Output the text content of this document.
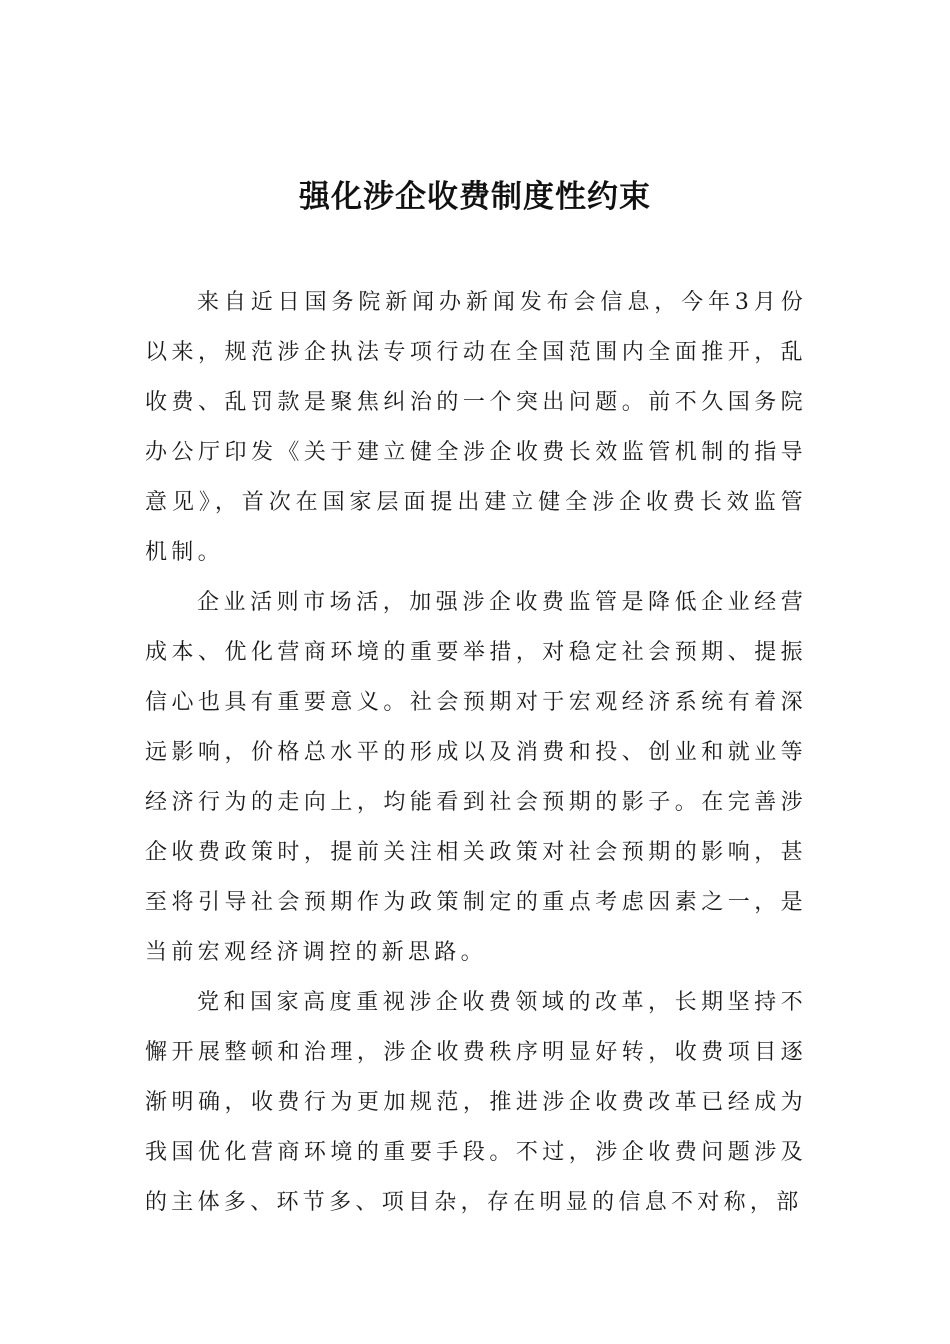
强化涉企收费制度性约束

来自近日国务院新闻办新闻发布会信息，今年3月份以来，规范涉企执法专项行动在全国范围内全面推开，乱收费、乱罚款是聚焦纠治的一个突出问题。前不久国务院办公厅印发《关于建立健全涉企收费长效监管机制的指导意见》，首次在国家层面提出建立健全涉企收费长效监管机制。

企业活则市场活，加强涉企收费监管是降低企业经营成本、优化营商环境的重要举措，对稳定社会预期、提振信心也具有重要意义。社会预期对于宏观经济系统有着深远影响，价格总水平的形成以及消费和投、创业和就业等经济行为的走向上，均能看到社会预期的影子。在完善涉企收费政策时，提前关注相关政策对社会预期的影响，甚至将引导社会预期作为政策制定的重点考虑因素之一，是当前宏观经济调控的新思路。

党和国家高度重视涉企收费领域的改革，长期坚持不懈开展整顿和治理，涉企收费秩序明显好转，收费项目逐渐明确，收费行为更加规范，推进涉企收费改革已经成为我国优化营商环境的重要手段。不过，涉企收费问题涉及的主体多、环节多、项目杂，存在明显的信息不对称，部
